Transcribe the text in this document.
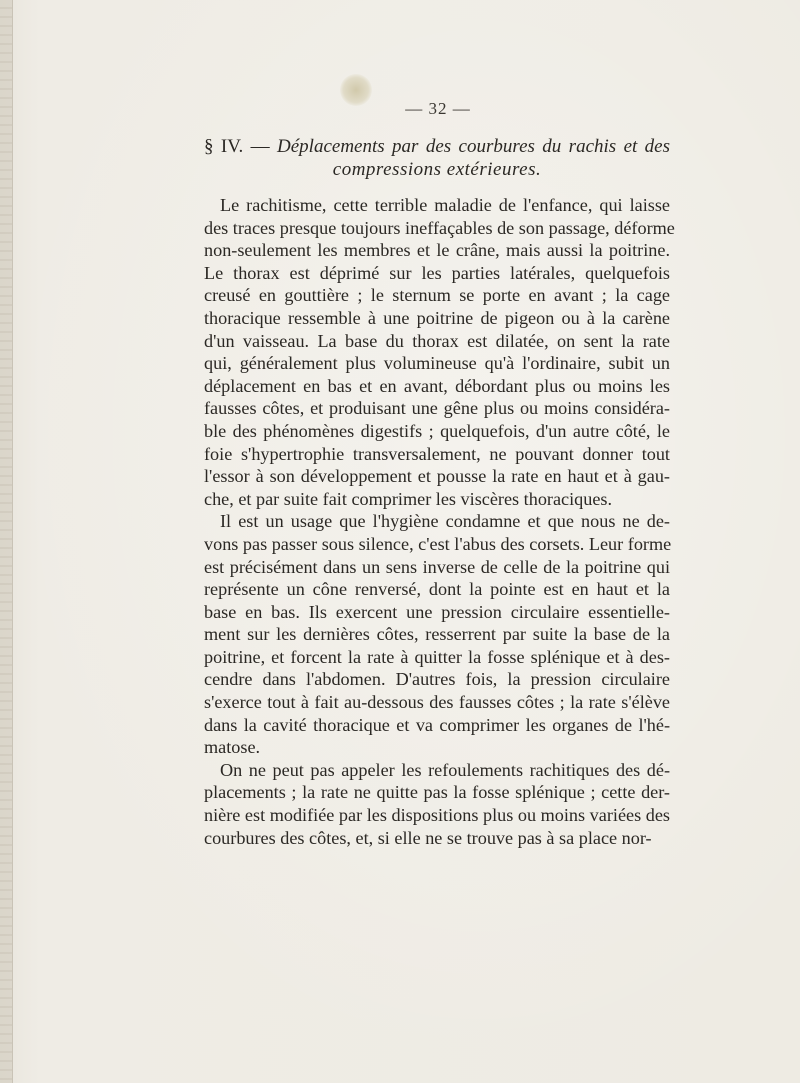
— 32 —
§ IV. — Déplacements par des courbures du rachis et des
compressions extérieures.
Le rachitisme, cette terrible maladie de l'enfance, qui laisse
des traces presque toujours ineffaçables de son passage, déforme
non-seulement les membres et le crâne, mais aussi la poitrine.
Le thorax est déprimé sur les parties latérales, quelquefois
creusé en gouttière ; le sternum se porte en avant ; la cage
thoracique ressemble à une poitrine de pigeon ou à la carène
d'un vaisseau. La base du thorax est dilatée, on sent la rate
qui, généralement plus volumineuse qu'à l'ordinaire, subit un
déplacement en bas et en avant, débordant plus ou moins les
fausses côtes, et produisant une gêne plus ou moins considéra-
ble des phénomènes digestifs ; quelquefois, d'un autre côté, le
foie s'hypertrophie transversalement, ne pouvant donner tout
l'essor à son développement et pousse la rate en haut et à gau-
che, et par suite fait comprimer les viscères thoraciques.
Il est un usage que l'hygiène condamne et que nous ne de-
vons pas passer sous silence, c'est l'abus des corsets. Leur forme
est précisément dans un sens inverse de celle de la poitrine qui
représente un cône renversé, dont la pointe est en haut et la
base en bas. Ils exercent une pression circulaire essentielle-
ment sur les dernières côtes, resserrent par suite la base de la
poitrine, et forcent la rate à quitter la fosse splénique et à des-
cendre dans l'abdomen. D'autres fois, la pression circulaire
s'exerce tout à fait au-dessous des fausses côtes ; la rate s'élève
dans la cavité thoracique et va comprimer les organes de l'hé-
matose.
On ne peut pas appeler les refoulements rachitiques des dé-
placements ; la rate ne quitte pas la fosse splénique ; cette der-
nière est modifiée par les dispositions plus ou moins variées des
courbures des côtes, et, si elle ne se trouve pas à sa place nor-
